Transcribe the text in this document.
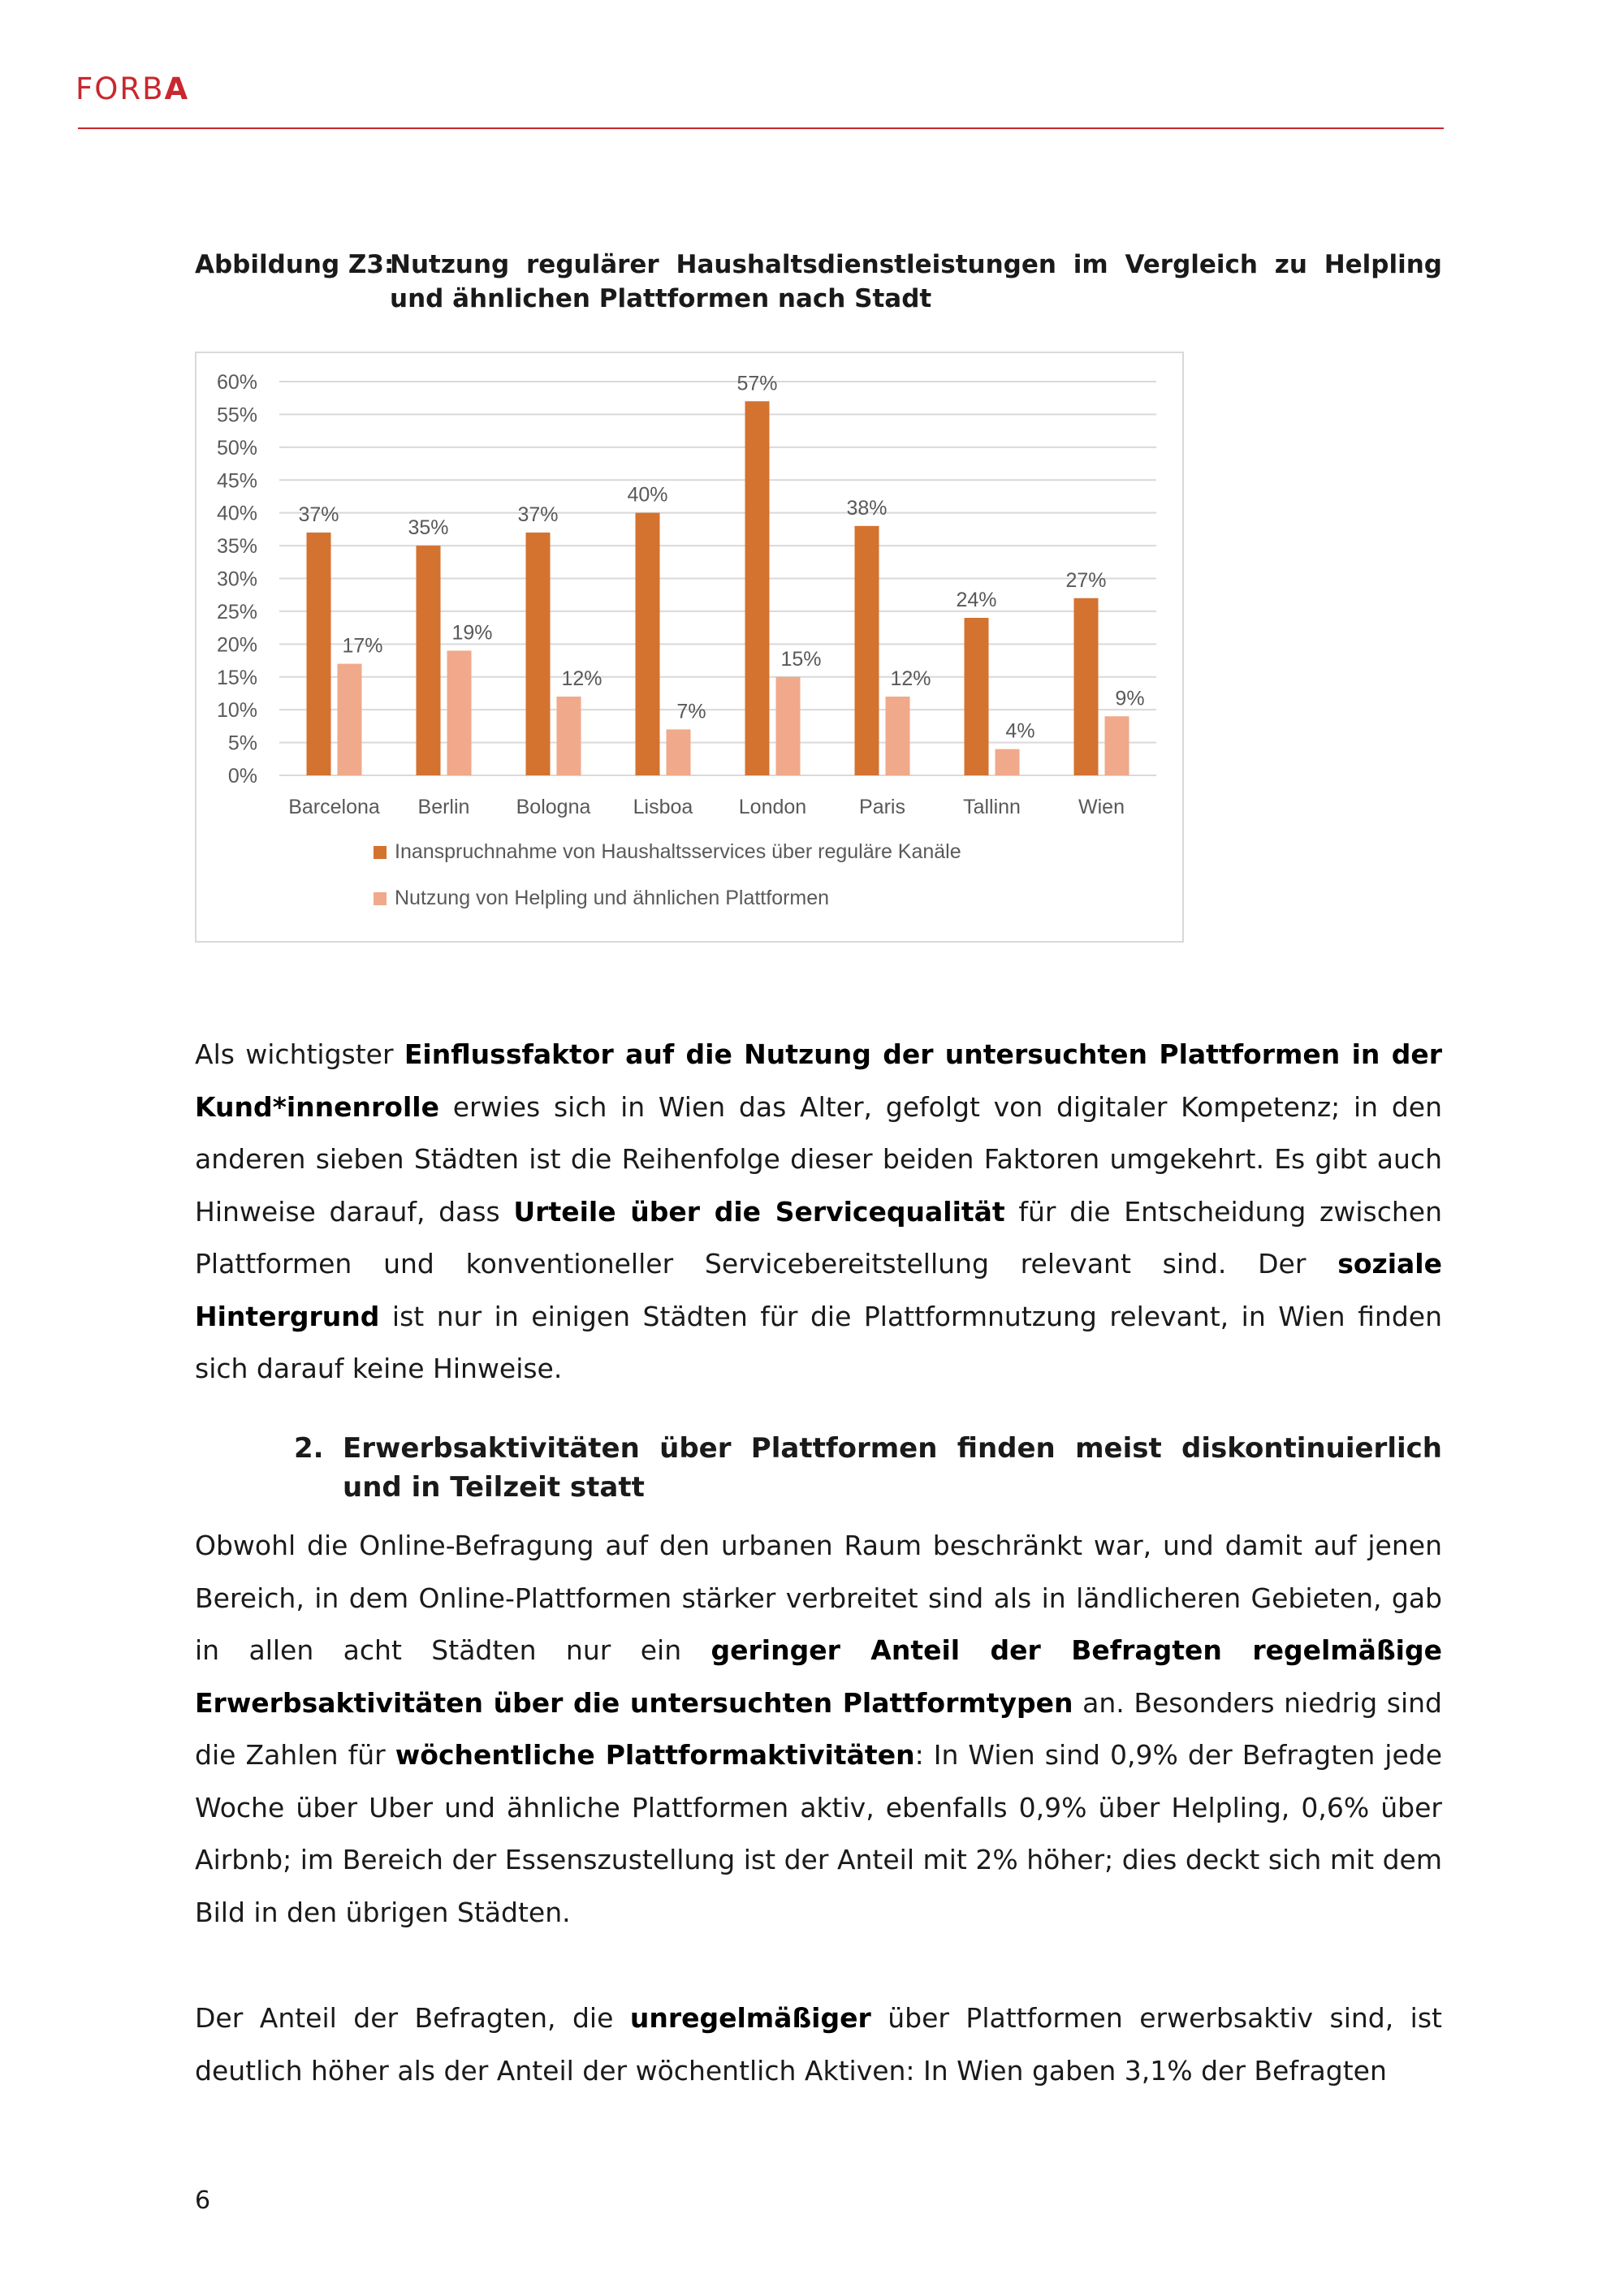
FORBA
Abbildung Z3:
Nutzung regulärer Haushaltsdienstleistungen im Vergleich zu Helpling und ähnlichen Plattformen nach Stadt
0%
5%
10%
15%
20%
25%
30%
35%
40%
45%
50%
55%
60%
37%
17%
Barcelona
35%
19%
Berlin
37%
12%
Bologna
40%
7%
Lisboa
57%
15%
London
38%
12%
Paris
24%
4%
Tallinn
27%
9%
Wien
Inanspruchnahme von Haushaltsservices über reguläre Kanäle
Nutzung von Helpling und ähnlichen Plattformen
Als wichtigster Einflussfaktor auf die Nutzung der untersuchten Plattformen in der Kund*innenrolle erwies sich in Wien das Alter, gefolgt von digitaler Kompetenz; in den anderen sieben Städten ist die Reihenfolge dieser beiden Faktoren umgekehrt. Es gibt auch Hinweise darauf, dass Urteile über die Servicequalität für die Entscheidung zwischen Plattformen und konventioneller Servicebereitstellung relevant sind. Der soziale Hintergrund ist nur in einigen Städten für die Plattformnutzung relevant, in Wien finden sich darauf keine Hinweise.
2. Erwerbsaktivitäten über Plattformen finden meist diskontinuierlich und in Teilzeit statt
Obwohl die Online-Befragung auf den urbanen Raum beschränkt war, und damit auf jenen Bereich, in dem Online-Plattformen stärker verbreitet sind als in ländlicheren Gebieten, gab in allen acht Städten nur ein geringer Anteil der Befragten regelmäßige Erwerbsaktivitäten über die untersuchten Plattformtypen an. Besonders niedrig sind die Zahlen für wöchentliche Plattformaktivitäten: In Wien sind 0,9% der Befragten jede Woche über Uber und ähnliche Plattformen aktiv, ebenfalls 0,9% über Helpling, 0,6% über Airbnb; im Bereich der Essenszustellung ist der Anteil mit 2% höher; dies deckt sich mit dem Bild in den übrigen Städten.
Der Anteil der Befragten, die unregelmäßiger über Plattformen erwerbsaktiv sind, ist deutlich höher als der Anteil der wöchentlich Aktiven: In Wien gaben 3,1% der Befragten
6
